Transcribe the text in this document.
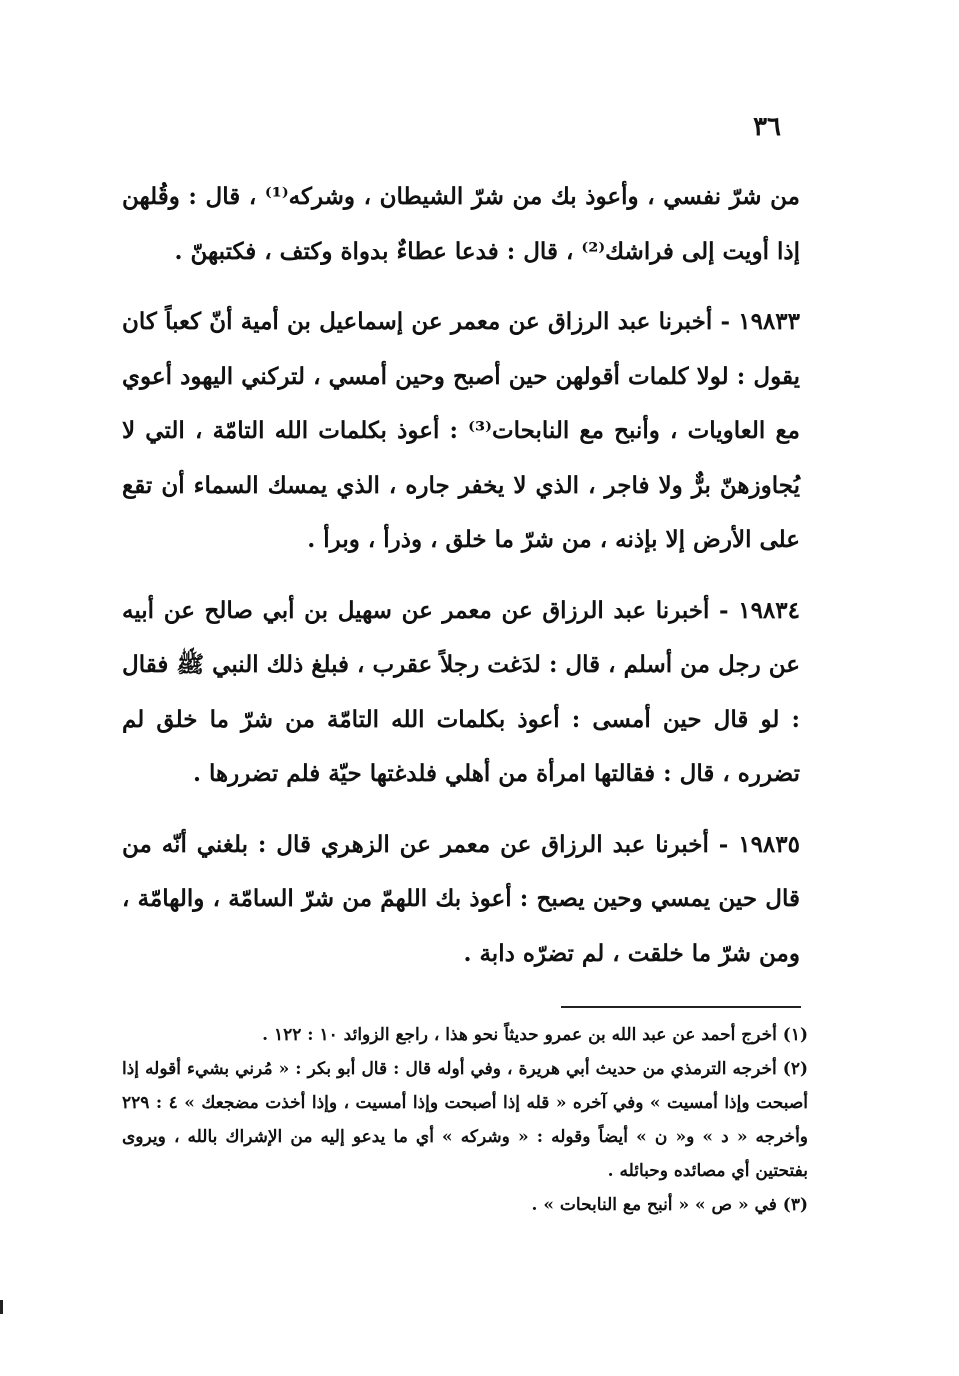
٣٦

من شرّ نفسي ، وأعوذ بك من شرّ الشيطان ، وشركه⁽¹⁾ ، قال : وقُلهن إذا أويت إلى فراشك⁽²⁾ ، قال : فدعا عطاءٌ بدواة وكتف ، فكتبهنّ .

١٩٨٣٣ - أخبرنا عبد الرزاق عن معمر عن إسماعيل بن أمية أنّ كعباً كان يقول : لولا كلمات أقولهن حين أصبح وحين أمسي ، لتركني اليهود أعوي مع العاويات ، وأنبح مع النابحات⁽³⁾ : أعوذ بكلمات الله التامّة ، التي لا يُجاوزهنّ برٌّ ولا فاجر ، الذي لا يخفر جاره ، الذي يمسك السماء أن تقع على الأرض إلا بإذنه ، من شرّ ما خلق ، وذرأ ، وبرأ .

١٩٨٣٤ - أخبرنا عبد الرزاق عن معمر عن سهيل بن أبي صالح عن أبيه عن رجل من أسلم ، قال : لدَغت رجلاً عقرب ، فبلغ ذلك النبي ﷺ فقال : لو قال حين أمسى : أعوذ بكلمات الله التامّة من شرّ ما خلق لم تضرره ، قال : فقالتها امرأة من أهلي فلدغتها حيّة فلم تضررها .

١٩٨٣٥ - أخبرنا عبد الرزاق عن معمر عن الزهري قال : بلغني أنّه من قال حين يمسي وحين يصبح : أعوذ بك اللهمّ من شرّ السامّة ، والهامّة ، ومن شرّ ما خلقت ، لم تضرّه دابة .

(١) أخرج أحمد عن عبد الله بن عمرو حديثاً نحو هذا ، راجع الزوائد ١٠ : ١٢٢ .

(٢) أخرجه الترمذي من حديث أبي هريرة ، وفي أوله قال : قال أبو بكر : « مُرني بشيء أقوله إذا أصبحت وإذا أمسيت » وفي آخره « قله إذا أصبحت وإذا أمسيت ، وإذا أخذت مضجعك » ٤ : ٢٢٩ وأخرجه « د » و« ن » أيضاً وقوله : « وشركه » أي ما يدعو إليه من الإشراك بالله ، ويروى بفتحتين أي مصائده وحبائله .

(٣) في « ص » « أنبح مع النابحات » .
